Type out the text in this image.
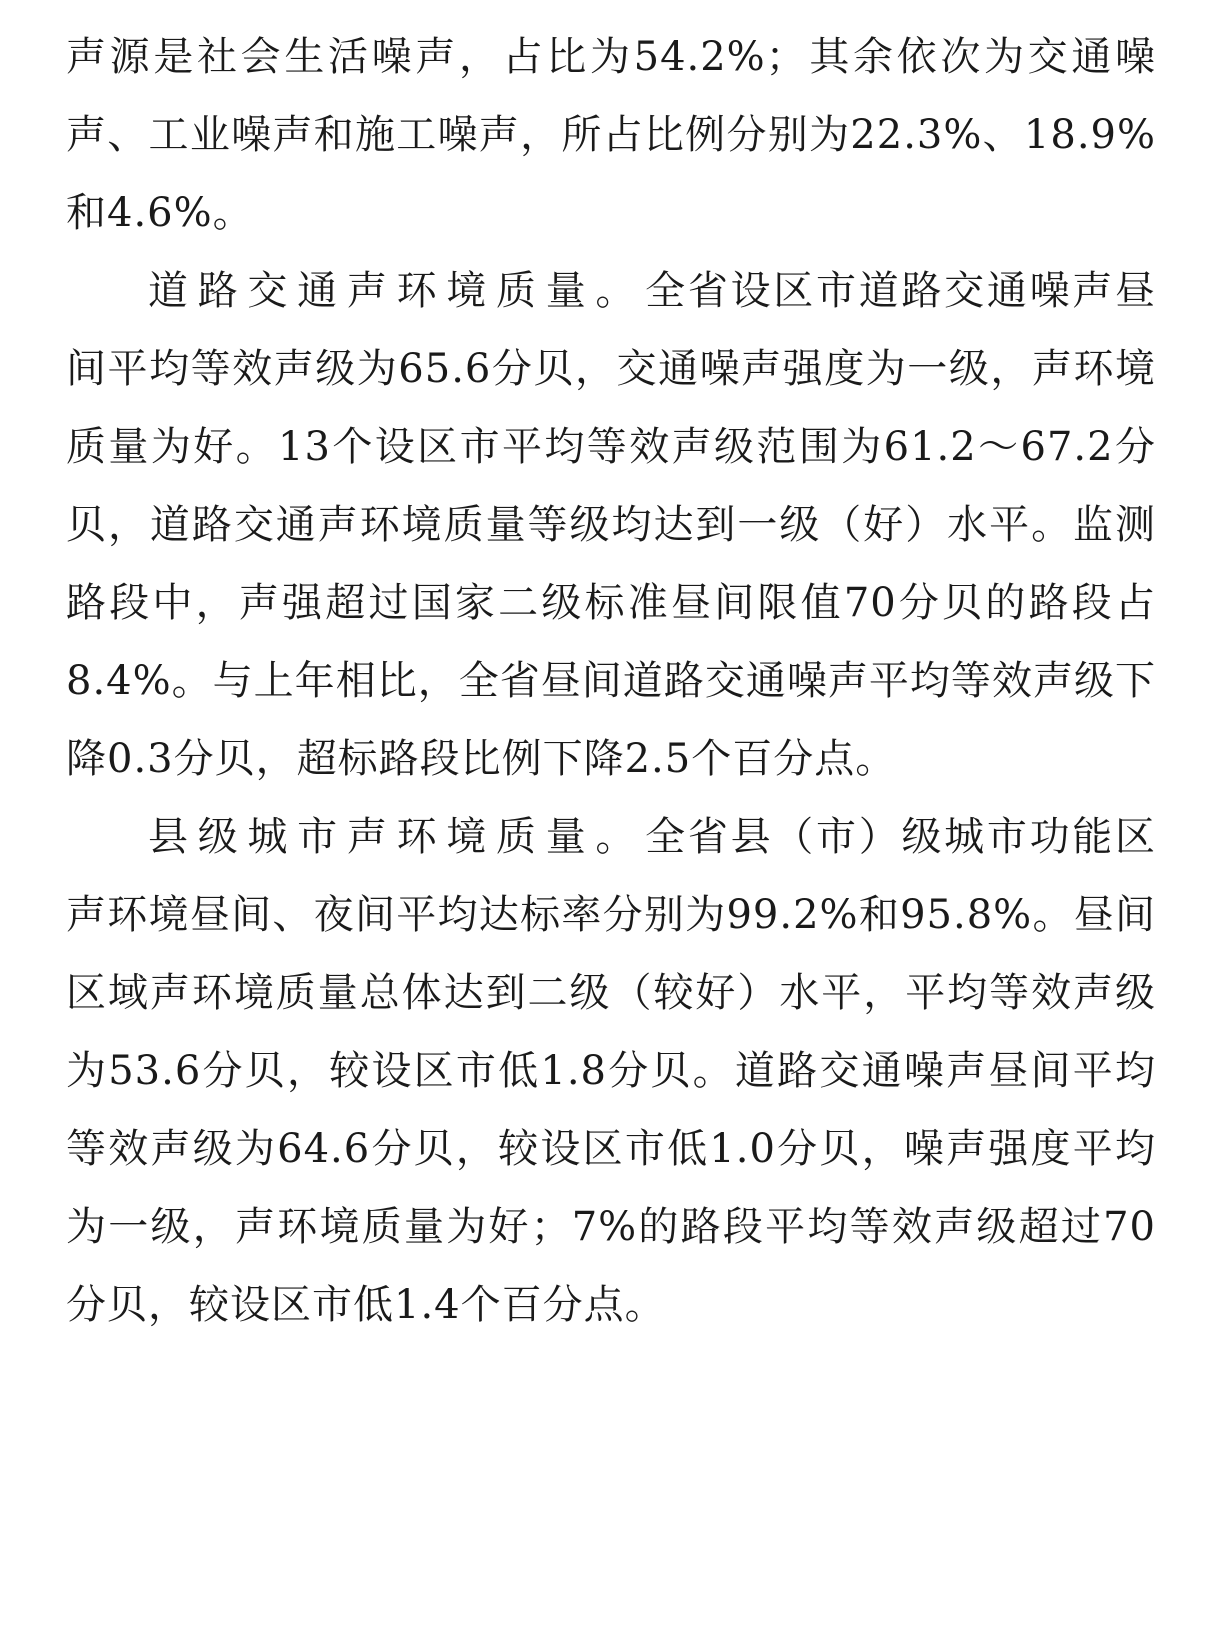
声源是社会生活噪声，占比为54.2%；其余依次为交通噪声、工业噪声和施工噪声，所占比例分别为22.3%、18.9%和4.6%。

道路交通声环境质量。全省设区市道路交通噪声昼间平均等效声级为65.6分贝，交通噪声强度为一级，声环境质量为好。13个设区市平均等效声级范围为61.2～67.2分贝，道路交通声环境质量等级均达到一级（好）水平。监测路段中，声强超过国家二级标准昼间限值70分贝的路段占8.4%。与上年相比，全省昼间道路交通噪声平均等效声级下降0.3分贝，超标路段比例下降2.5个百分点。

县级城市声环境质量。全省县（市）级城市功能区声环境昼间、夜间平均达标率分别为99.2%和95.8%。昼间区域声环境质量总体达到二级（较好）水平，平均等效声级为53.6分贝，较设区市低1.8分贝。道路交通噪声昼间平均等效声级为64.6分贝，较设区市低1.0分贝，噪声强度平均为一级，声环境质量为好；7%的路段平均等效声级超过70分贝，较设区市低1.4个百分点。
